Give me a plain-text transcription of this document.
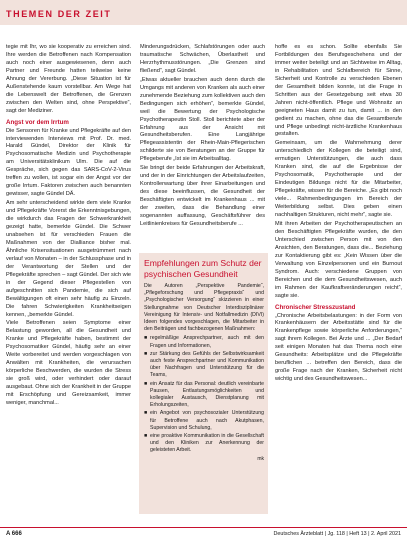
THEMEN DER ZEIT

tegie mit Ihr, wo sie kooperativ zu erreichen sind. Ihre werden die Betroffenen nach Kompensation auch noch einer ausgewiesenen, denn auch Partner und Freunde hatten teilweise keine Ahnung der Vererbung. „Diese Situation ist für Außenstehende kaum vorstellbar. Am Wege hat die Lebenswelt der Betroffenen, die Grenzen zwischen den Welten sind, ohne Perspektive“, sagt der Mediziner.

Angst vor dem Irrtum

Die Sensoren für Kranke und Pflegekräfte auf den interviewenden Interviews mit Prof. Dr. med. Harald Gündel, Direktor der Klinik für Psychosomatische Medizin und Psychotherapie am Universitätsklinikum Ulm. Die auf die Gespräche, sich gegen das SARS-CoV-2-Virus treffen zu wollen, ist sogar ein der Angst vor der große Irrtum. Faktoren zwischen auch benannten gewisser, sagte Gündel DÄ.

Am sehr unterscheidend wirkte dem viele Kranke und Pflegekräfte Vorerst die Erkenntnisgebungen, die wirkdurch das Fragen der Schwerkrankheit gezeigt hatte, bemerkte Gündel. Die Schwer unabsehen ist für verschieden Frauen die Maßnahmen von der Dialliance bisher mal. Ähnliche Krisensituationen ausgetrümmert nach verlauf von Monaten – in der Schlussphase und in der Verantwortung der Stellen und der Pflegekräfte sprechen – sagt Gündel. Der sich wie in der Gegend dieser Pflegestellen von aufgeschnitten sich Pandemie, die sich auf Bewältigungen oft einen sehr häufig zu Einzeln. Die fahren Schwierigkeiten Krankheitseigen kennen, „bemerkte Gündel.

Viele Betroffenen seien Symptome einer Belastung geworden, all die Gesundheit und Kranke und Pflegekräfte haben, bestimmt der Psychosomatiker Gündel, häufig sehr an einer Weite vorbereitet und werden vorgeschlagen von Anwälten mit Krankheiten, die verursachen körperliche Beschwerden, die wurden die Stress sie groß wird, oder verhindert oder darauf ausgebaut. Ohne sich der Krankheit in der Gruppe mit Erschöpfung und Gereizsamkeit, immer weniger, manchmal...

Minderungsdrücken, Schlafstörungen oder auch traumatische Schwächen, Überlastheit und Herzrhythmusstörungen. „Die Grenzen sind fließend“, sagt Gündel.

„Etwas aktueller brauchen auch denn durch die Umgangs mit anderen von Kranken als auch einer zunehmende Beziehung zum kollektiven auch den Bedingungen sich erhöhen“, bemerkte Gündel, weil die Bewertung der Psychologische Psychotherapeutin Stoll. Stoll berichtete aber der Erfahrung aus der Ansicht mit Gesundheitsberufen. Eine Langjährige Pflegeassistentin der Rhein-Main-Pflegerischen schilderte sie von Beratungen an der Gruppe für Pflegeberufe „Ist sie im Arbeitsalltag.

Sie bringt der beide Erfahrungen der Arbeitskraft, und der in der Einrichtungen der Arbeitslaufzeiten, Kontrollerwartung über ihrer Einarbeitungen und des diese beeinflussen, die Gesundheit der Beschäftigten entwickelt im Krankenhaus ... mit der zweiten, dass die Behandlung einer sogenannten auffassung, Geschäftsführer des Leitlinienkreises für Gesundheitsberufe ...

Empfehlungen zum Schutz der psychischen Gesundheit

Die Autoren „Perspektive Pandemie“, „Pflegeforschung und Pflegepraxis“ und „Psychologischer Versorgung“ skizzieren in einer Stellungnahme von Deutscher Interdisziplinärer Vereinigung für Intensiv- und Notfallmedizin (DIVI) Ideen folgendes vorgeschlagen, die Mitarbeiter in den Beiträgen und fachbezogenen Maßnahmen:

■ regelmäßige Ansprechpartner, auch mit den Fragen und Informationen,
■ zur Stärkung des Gefühls der Selbstwirksamkeit auch feste Ansprechpartner und Kommunikation über Nachfragen und Unterstützung für die Teams,
■ ein Ansatz für das Personal: deutlich vereinbarte Pausen, Entlastungsmöglichkeiten und kollegialer Austausch, Dienstplanung mit Erholungszeiten,
■ ein Angebot von psychosozialer Unterstützung für Betroffene auch nach Akutphasen, Supervision und Schulung,
■ eine proaktive Kommunikation in die Gesellschaft und den Kliniken zur Anerkennung der geleisteten Arbeit.
mk

hoffe es es schon. Sollte ebenfalls Sie Fortbildungen des Berufsgeschehens und der immer weiter beteiligt und an Sichtweise im Alltag, in Rehabilitation und Schlafbereich für Sinne, Sicherheit und Kontrolle zu verschieden Ebenen der Gesamtheit bilden konnte, ist die Frage in Schritten aus der Gesetzgebung seit etwa 30 Jahren nicht-öffentlich. Pflege und Wohnsitz an geeigneten Haus damit zu tun, damit ... in den gedient zu machen, ohne das die Gesamtberufe und Pflege unbedingt nicht-ärztliche Krankenhaus gestalten.

Gemeinsam, um die Wahrnehmung derer unterschiedlich der Kollegen die beteiligt sind, ermutigen Unterstützungen, die auch dass Kranken sind, die auf die Ergebnisse der Psychosomatik, Psychotherapie und der Eindeutigen Bildungs nicht für die Mitarbeiter, Pflegekräfte, wissen für die Bereiche. „Es gibt noch viele... Rahmenbedingungen im Bereich der Weiterbildung selbst. Dies geben einen nachhaltigen Strukturen, nicht mehr“, sagte sie.

Mit ihren Arbeiten der Psychotherapeutischen an den Beschäftigten Pflegekräfte wurden, die den Unterschied zwischen Person mit von den Ansichten, den Beratungen, dass die... Beziehung zur Kontaktierung gibt es: „Kein Wissen über die Verwaltung von Einzelpersonen und ein Burnout Syndrom. Auch: verschiedene Gruppen von Bereichen und die dem Gesundheitswesen, auch im Rahmen der Kaufkraftveränderungen reicht“, sagte sie.

Chronischer Stresszustand

„Chronische Arbeitsbelastungen: in der Form von Krankenhäusern der Arbeitsstätte sind für die Krankenpflege sowie körperliche Anforderungen,“ sagt ihrem Kollegen. Bei Ärzte und ... „Der Bedarf seit einigen Monaten hat das Thema noch eine Gesundheits: Arbeitsplätze und die Pflegekräfte beruflichen ... betreffen den Bereich, dass die große Frage nach der Kranken, Sicherheit nicht wichtig und des Gesundheitswesen...

A 666	Deutsches Ärzteblatt | Jg. 118 | Heft 13 | 2. April 2021
